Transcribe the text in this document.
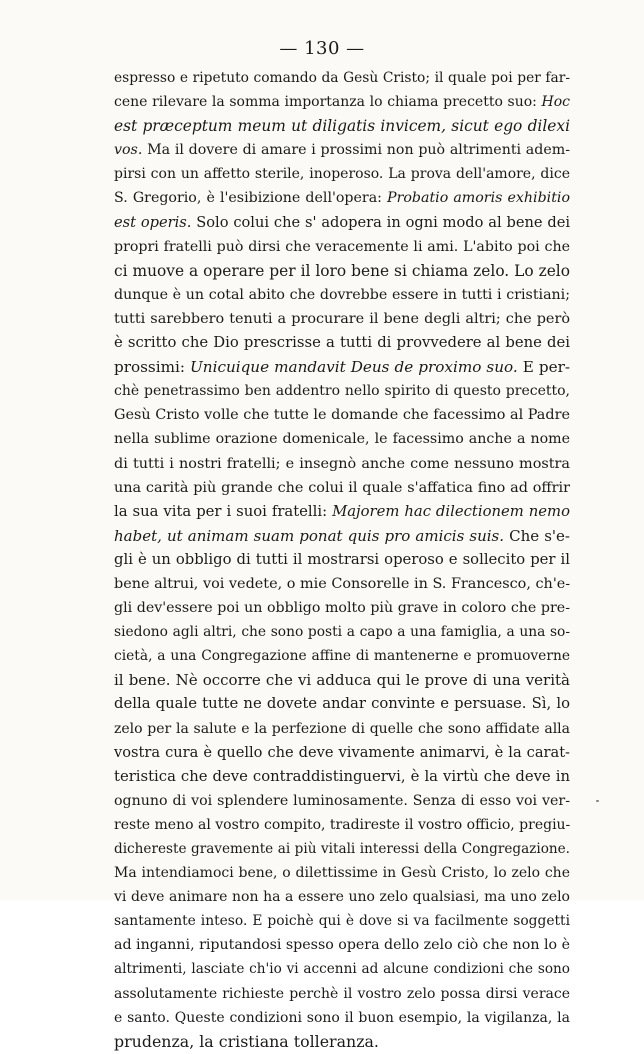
— 130 —
espresso e ripetuto comando da Gesù Cristo; il quale poi per far-
cene rilevare la somma importanza lo chiama precetto suo: Hoc
est præceptum meum ut diligatis invicem, sicut ego dilexi
vos. Ma il dovere di amare i prossimi non può altrimenti adem-
pirsi con un affetto sterile, inoperoso. La prova dell'amore, dice
S. Gregorio, è l'esibizione dell'opera: Probatio amoris exhibitio
est operis. Solo colui che s' adopera in ogni modo al bene dei
propri fratelli può dirsi che veracemente li ami. L'abito poi che
ci muove a operare per il loro bene si chiama zelo. Lo zelo
dunque è un cotal abito che dovrebbe essere in tutti i cristiani;
tutti sarebbero tenuti a procurare il bene degli altri; che però
è scritto che Dio prescrisse a tutti di provvedere al bene dei
prossimi: Unicuique mandavit Deus de proximo suo. E per-
chè penetrassimo ben addentro nello spirito di questo precetto,
Gesù Cristo volle che tutte le domande che facessimo al Padre
nella sublime orazione domenicale, le facessimo anche a nome
di tutti i nostri fratelli; e insegnò anche come nessuno mostra
una carità più grande che colui il quale s'affatica fino ad offrir
la sua vita per i suoi fratelli: Majorem hac dilectionem nemo
habet, ut animam suam ponat quis pro amicis suis. Che s'e-
gli è un obbligo di tutti il mostrarsi operoso e sollecito per il
bene altrui, voi vedete, o mie Consorelle in S. Francesco, ch'e-
gli dev'essere poi un obbligo molto più grave in coloro che pre-
siedono agli altri, che sono posti a capo a una famiglia, a una so-
cietà, a una Congregazione affine di mantenerne e promuoverne
il bene. Nè occorre che vi adduca qui le prove di una verità
della quale tutte ne dovete andar convinte e persuase. Sì, lo
zelo per la salute e la perfezione di quelle che sono affidate alla
vostra cura è quello che deve vivamente animarvi, è la carat-
teristica che deve contraddistinguervi, è la virtù che deve in
ognuno di voi splendere luminosamente. Senza di esso voi ver-
reste meno al vostro compito, tradireste il vostro officio, pregiu-
dichereste gravemente ai più vitali interessi della Congregazione.
Ma intendiamoci bene, o dilettissime in Gesù Cristo, lo zelo che
vi deve animare non ha a essere uno zelo qualsiasi, ma uno zelo
santamente inteso. E poichè qui è dove si va facilmente soggetti
ad inganni, riputandosi spesso opera dello zelo ciò che non lo è
altrimenti, lasciate ch'io vi accenni ad alcune condizioni che sono
assolutamente richieste perchè il vostro zelo possa dirsi verace
e santo. Queste condizioni sono il buon esempio, la vigilanza, la
prudenza, la cristiana tolleranza.
